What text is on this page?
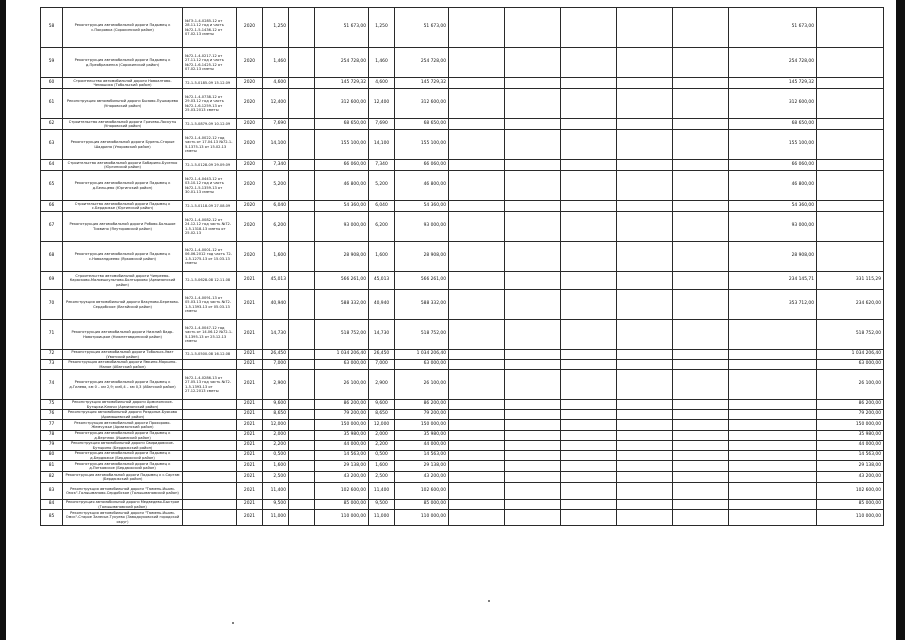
58	Реконструкция автомобильной дороги Падымец к с.Покровка (Сорокинский район)	№ГЭ-1-4-0285-12 от 28.11.12 год и часть №72-1-5-1436-12 от 07.02.13 сметы	2020	1,250		51 673,00	1,250	51 673,00						51 673,00	
59	Реконструкция автомобильной дороги Падымец к д.Преображенка (Сорокинский район)	№72-1-4-0217-12 от 27.11.12 год и часть №72-1-6-1425-12 от 07.02.13 сметы	2020	1,460		254 728,00	1,460	254 728,00						254 728,00	
60	Строительство автомобильной дороги Новоалтово-Чемашиха (Тобольский район)	72-1-5-0185-09 15.12.09	2020	4,600		145 729,32	4,600	145 729,32						145 729,32	
61	Реконструкция автомобильной дороги Бызово-Пушкарево (Упоровский район)	№72-1-4-0738-12 от 29.03.12 год и часть №72-1-6-1259-13 от 25.03.2013 сметы	2020	12,400		312 600,00	12,400	312 600,00						312 600,00	
62	Строительство автомобильной дороги Грачево-Лоскуты (Упоровский район)	72-1-5-0879-09 10.12.09	2020	7,690		68 650,00	7,690	68 650,00						68 650,00	
63	Реконструкция автомобильной дороги Бурень-Старые Шадрина (Упоровский район)	№72-1-4-0022-12 год часть от 17.04.13 №72-1-5-1375-13 от 15.02.13 сметы	2020	14,100		155 100,00	14,100	155 100,00						155 100,00	
64	Строительство автомобильной дороги Бабарино-Бусенко (Юргинский район)	72-1-5-0128-09 29.09.09	2020	7,340		66 060,00	7,340	66 060,00						66 060,00	
65	Реконструкция автомобильной дороги Падымец к д.Бельцево (Юргинский район)	№72-1-4-0443-12 от 03.10.12 год и часть №72-1-5-1359-13 от 30.01.13 сметы	2020	5,200		46 800,00	5,200	46 800,00						46 800,00	
66	Строительство автомобильной дороги Падымец к с.Бердюжье (Юргинский район)	72-1-5-0118-09 27.08.09	2020	6,040		54 360,00	6,040	54 360,00						54 360,00	
67	Реконструкция автомобильной дороги Рябово-Большое Тихвино (Ялуторовский район)	№72-1-4-0082-12 от 24.12.12 год часть №72-1-5-1318-13 сметы от 25.02.13	2020	6,200		93 000,00	6,200	93 000,00						93 000,00	
68	Реконструкция автомобильной дороги Падымец к с.Новоандреево (Ярковский район)	№72-1-4-0001-12 от 06.06.2012 год часть 72-1-5-1275-13 от 15.03.13 сметы	2020	1,600		28 908,00	1,600	28 908,00						28 908,00	
69	Строительство автомобильной дороги Чипреево-Карасково-Малоешкультово-Болтырково (Армизонский район)	72-1-5-0628-08 12.11.08	2021	45,013		566 261,00	45,013	566 261,00						234 145,71	331 115,29
70	Реконструкция автомобильной дороги Вакуново-Березово-Сердобское (Вагайский район)	№72-1-4-0091-13 от 05.03.13 год часть №72-1-5-1393-13 от 05.03.13 сметы	2021	40,940		588 332,00	40,940	588 332,00						353 712,00	234 620,00
71	Реконструкция автомобильной дороги Нижний Вадр-Новотроицкое (Нижнетавдинский район)	№72-1-4-0047-12 год часть от 14.06.12 №72-1-5-1395-13 от 25.12.13 сметы	2021	14,730		518 752,00	14,730	518 752,00							518 752,00
72	Реконструкция автомобильной дороги Тобольск-Уват (Уватский район)	72-1-5-0500-08 16.12.08	2021	26,450		1 034 206,40	26,450	1 034 206,40							1 034 206,40
73	Реконструкция автомобильной дороги Ямкино-Марьино-Малое (Абатский район)		2021	7,000		63 000,00	7,000	63 000,00							63 000,00
74	Реконструкция автомобильной дороги Падымец к д.Гилева, км 0 – км 2,9; км0,4 – км 0,3 (Абатский район)	№72-1-4-0286-13 от 27.05.13 год часть №72-1-5-1393-13 от 27.12.2013 сметы	2021	2,900		26 100,00	2,900	26 100,00							26 100,00
75	Реконструкция автомобильной дороги Армизонское-Бутырки-Ключи (Армизонский район)		2021	9,600		86 200,00	9,600	86 200,00							86 200,00
76	Реконструкция автомобильной дороги Раздолье-Буяково (Аромашевский район)		2021	8,650		79 200,00	8,650	79 200,00							79 200,00
77	Реконструкция автомобильной дороги Прохорово-Жемчужье (Армизонский район)		2021	12,000		150 000,00	12,000	150 000,00							150 000,00
78	Реконструкция автомобильной дороги Падымец к д.Вертлюк (Ишимский район)		2021	2,000		35 980,00	2,000	35 980,00							35 980,00
79	Реконструкция автомобильной дороги Свиридовское-Бутырино (Бердюжский район)		2021	2,200		44 000,00	2,200	44 000,00							44 000,00
80	Реконструкция автомобильной дороги Падымец к д.Бердюжье (Бердюжский район)		2021	0,500		14 563,00	0,500	14 563,00							14 563,00
81	Реконструкция автомобильной дороги Падымец к д.Пятковское (Бердюжский район)		2021	1,600		29 138,00	1,600	29 138,00							29 138,00
82	Реконструкция автомобильной дороги Падымец к с.Сартам (Бердюжский район)		2021	2,500		43 200,00	2,500	43 200,00							43 200,00
83	Реконструкция автомобильной дороги "Тюмень-Ишим-Омск"-Голышманово-Сердобское (Голышмановский район)		2021	11,400		102 600,00	11,400	102 600,00							102 600,00
84	Реконструкция автомобильной дороги Медведево-Быстрое (Голышмановский район)		2021	9,500		85 000,00	9,500	85 000,00							85 000,00
85	Реконструкция автомобильной дороги "Тюмень-Ишим-Омск"-Старое Залесье-Тукуево (Заводоуковский городской округ)		2021	11,000		110 000,00	11,000	110 000,00							110 000,00
